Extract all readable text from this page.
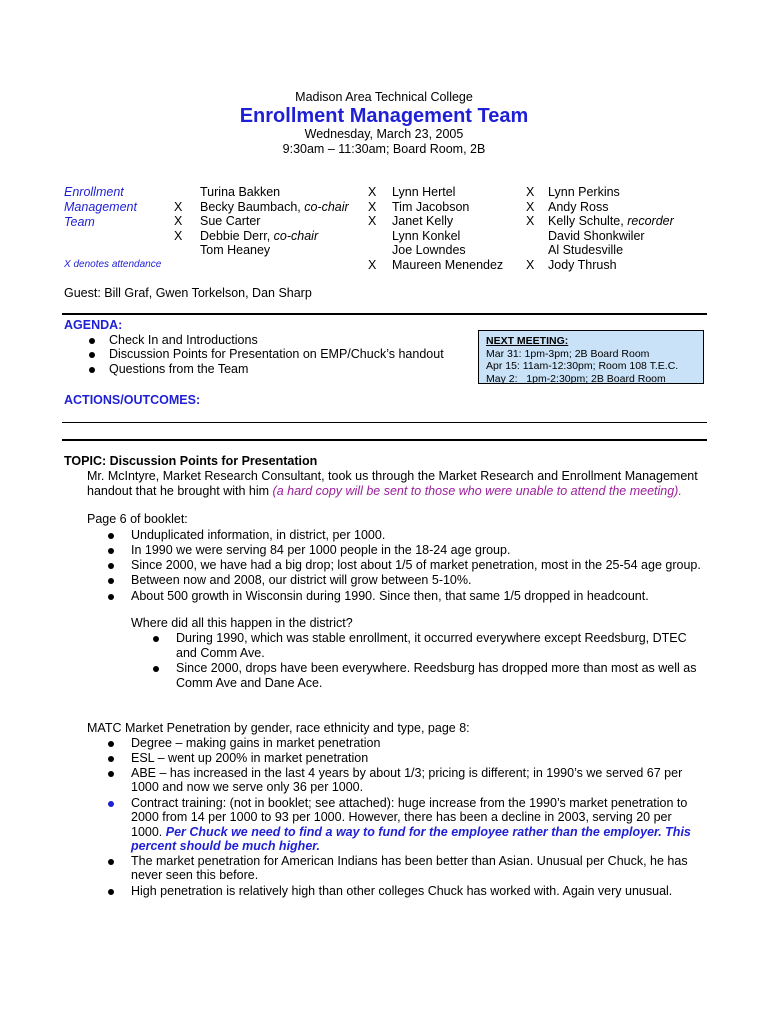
Madison Area Technical College
Enrollment Management Team
Wednesday, March 23, 2005
9:30am – 11:30am; Board Room, 2B
Enrollment
Management
Team
X denotes attendance
Turina Bakken
X Becky Baumbach, co-chair
X Sue Carter
X Debbie Derr, co-chair
Tom Heaney
X Lynn Hertel
X Tim Jacobson
X Janet Kelly
Lynn Konkel
Joe Lowndes
X Maureen Menendez
X Lynn Perkins
X Andy Ross
X Kelly Schulte, recorder
David Shonkwiler
Al Studesville
X Jody Thrush
Guest: Bill Graf, Gwen Torkelson, Dan Sharp
AGENDA:
Check In and Introductions
Discussion Points for Presentation on EMP/Chuck’s handout
Questions from the Team
NEXT MEETING:
Mar 31: 1pm-3pm; 2B Board Room
Apr 15: 11am-12:30pm; Room 108 T.E.C.
May 2:   1pm-2:30pm; 2B Board Room
ACTIONS/OUTCOMES:
TOPIC: Discussion Points for Presentation
Mr. McIntyre, Market Research Consultant, took us through the Market Research and Enrollment Management
handout that he brought with him (a hard copy will be sent to those who were unable to attend the meeting).
Page 6 of booklet:
Unduplicated information, in district, per 1000.
In 1990 we were serving 84 per 1000 people in the 18-24 age group.
Since 2000, we have had a big drop; lost about 1/5 of market penetration, most in the 25-54 age group.
Between now and 2008, our district will grow between 5-10%.
About 500 growth in Wisconsin during 1990. Since then, that same 1/5 dropped in headcount.
Where did all this happen in the district?
During 1990, which was stable enrollment, it occurred everywhere except Reedsburg, DTEC
and Comm Ave.
Since 2000, drops have been everywhere. Reedsburg has dropped more than most as well as
Comm Ave and Dane Ace.
MATC Market Penetration by gender, race ethnicity and type, page 8:
Degree – making gains in market penetration
ESL – went up 200% in market penetration
ABE – has increased in the last 4 years by about 1/3; pricing is different; in 1990’s we served 67 per
1000 and now we serve only 36 per 1000.
Contract training: (not in booklet; see attached): huge increase from the 1990’s market penetration to
2000 from 14 per 1000 to 93 per 1000. However, there has been a decline in 2003, serving 20 per
1000. Per Chuck we need to find a way to fund for the employee rather than the employer. This
percent should be much higher.
The market penetration for American Indians has been better than Asian. Unusual per Chuck, he has
never seen this before.
High penetration is relatively high than other colleges Chuck has worked with. Again very unusual.
